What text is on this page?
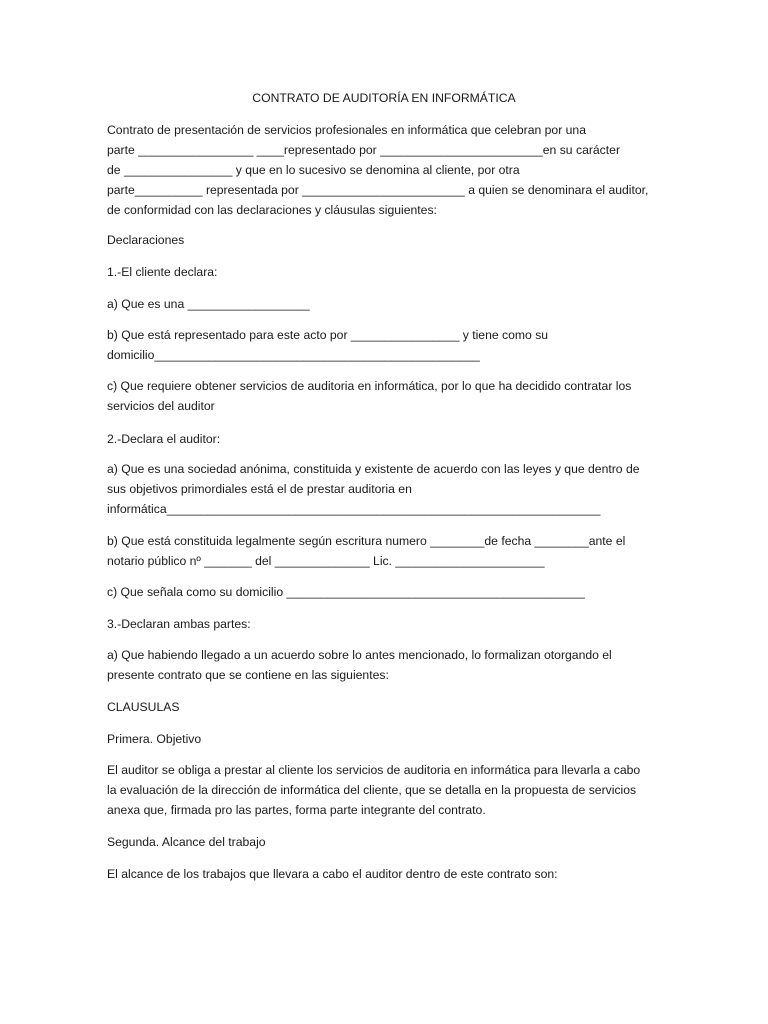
CONTRATO DE AUDITORÍA EN INFORMÁTICA
Contrato de presentación de servicios profesionales en informática que celebran por una
parte _________________ ____representado por ________________________en su carácter
de ________________ y que en lo sucesivo se denomina al cliente, por otra
parte__________ representada por ________________________ a quien se denominara el auditor,
de conformidad con las declaraciones y cláusulas siguientes:
Declaraciones
1.-El cliente declara:
a) Que es una __________________
b) Que está representado para este acto por ________________ y tiene como su
domicilio________________________________________________
c) Que requiere obtener servicios de auditoria en informática, por lo que ha decidido contratar los
servicios del auditor
2.-Declara el auditor:
a) Que es una sociedad anónima, constituida y existente de acuerdo con las leyes y que dentro de
sus objetivos primordiales está el de prestar auditoria en
informática________________________________________________________________
b) Que está constituida legalmente según escritura numero ________de fecha ________ante el
notario público nº _______ del ______________ Lic. ______________________
c) Que señala como su domicilio ____________________________________________
3.-Declaran ambas partes:
a) Que habiendo llegado a un acuerdo sobre lo antes mencionado, lo formalizan otorgando el
presente contrato que se contiene en las siguientes:
CLAUSULAS
Primera. Objetivo
El auditor se obliga a prestar al cliente los servicios de auditoria en informática para llevarla a cabo
la evaluación de la dirección de informática del cliente, que se detalla en la propuesta de servicios
anexa que, firmada pro las partes, forma parte integrante del contrato.
Segunda. Alcance del trabajo
El alcance de los trabajos que llevara a cabo el auditor dentro de este contrato son:
